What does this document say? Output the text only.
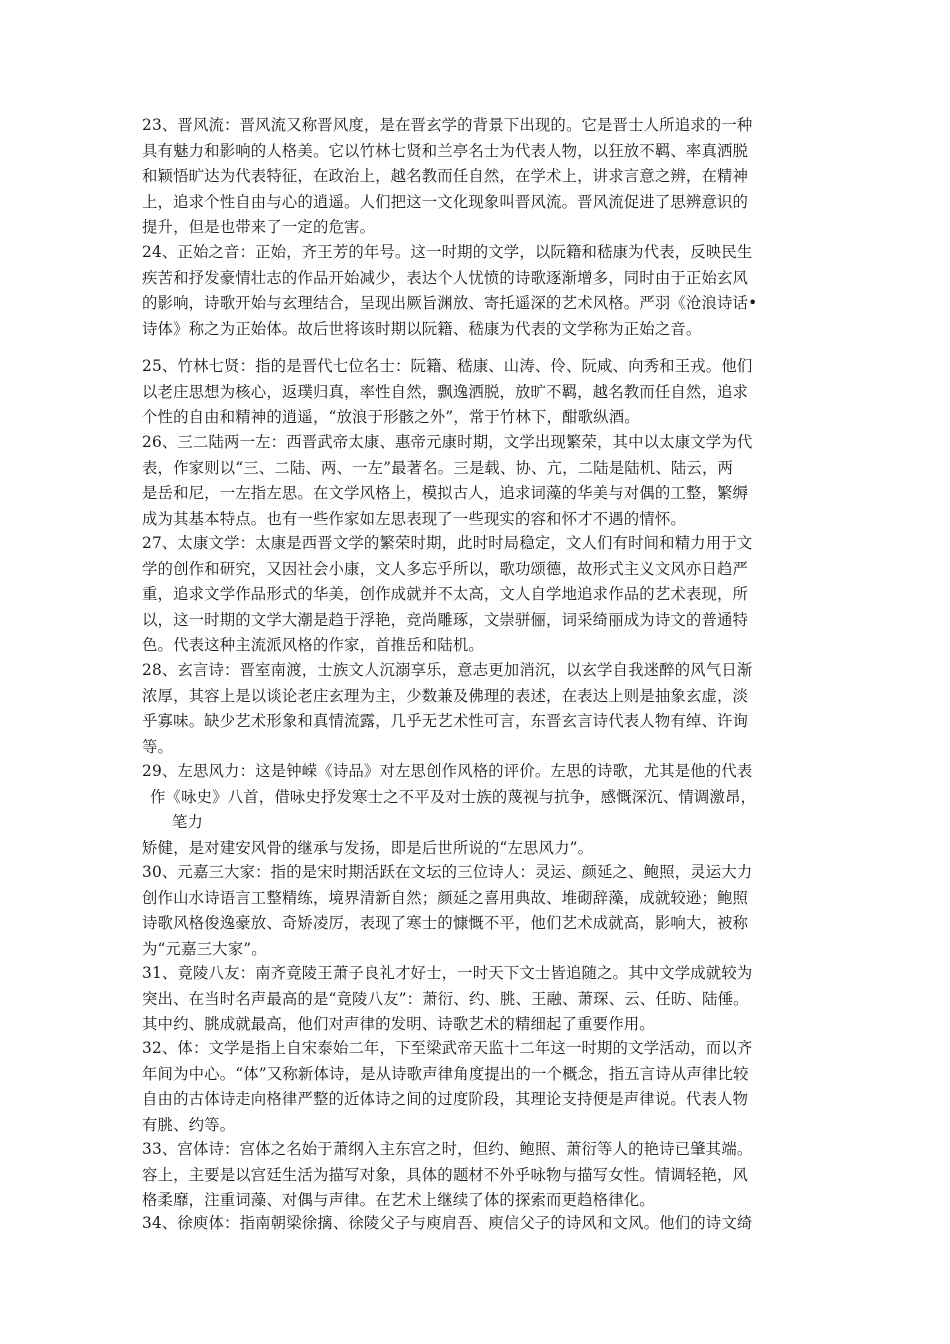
23、晋风流：晋风流又称晋风度，是在晋玄学的背景下出现的。它是晋士人所追求的一种
具有魅力和影响的人格美。它以竹林七贤和兰亭名士为代表人物，以狂放不羁、率真洒脱
和颖悟旷达为代表特征，在政治上，越名教而任自然，在学术上，讲求言意之辨，在精神
上，追求个性自由与心的逍遥。人们把这一文化现象叫晋风流。晋风流促进了思辨意识的
提升，但是也带来了一定的危害。
24、正始之音：正始，齐王芳的年号。这一时期的文学，以阮籍和嵇康为代表，反映民生
疾苦和抒发豪情壮志的作品开始减少，表达个人忧愤的诗歌逐渐增多，同时由于正始玄风
的影响，诗歌开始与玄理结合，呈现出厥旨渊放、寄托遥深的艺术风格。严羽《沧浪诗话•
诗体》称之为正始体。故后世将该时期以阮籍、嵇康为代表的文学称为正始之音。
25、竹林七贤：指的是晋代七位名士：阮籍、嵇康、山涛、伶、阮咸、向秀和王戎。他们
以老庄思想为核心，返璞归真，率性自然，飘逸洒脱，放旷不羁，越名教而任自然，追求
个性的自由和精神的逍遥，“放浪于形骸之外”，常于竹林下，酣歌纵酒。
26、三二陆两一左：西晋武帝太康、惠帝元康时期，文学出现繁荣，其中以太康文学为代
表，作家则以“三、二陆、两、一左”最著名。三是载、协、亢，二陆是陆机、陆云，两
是岳和尼，一左指左思。在文学风格上，模拟古人，追求词藻的华美与对偶的工整，繁缛
成为其基本特点。也有一些作家如左思表现了一些现实的容和怀才不遇的情怀。
27、太康文学：太康是西晋文学的繁荣时期，此时时局稳定，文人们有时间和精力用于文
学的创作和研究，又因社会小康，文人多忘乎所以，歌功颂德，故形式主义文风亦日趋严
重，追求文学作品形式的华美，创作成就并不太高，文人自学地追求作品的艺术表现，所
以，这一时期的文学大潮是趋于浮艳，竞尚雕琢，文崇骈俪，词采绮丽成为诗文的普通特
色。代表这种主流派风格的作家，首推岳和陆机。
28、玄言诗：晋室南渡，士族文人沉溺享乐，意志更加消沉，以玄学自我迷醉的风气日渐
浓厚，其容上是以谈论老庄玄理为主，少数兼及佛理的表述，在表达上则是抽象玄虚，淡
乎寡味。缺少艺术形象和真情流露，几乎无艺术性可言，东晋玄言诗代表人物有绰、许询
等。
29、左思风力：这是钟嵘《诗品》对左思创作风格的评价。左思的诗歌，尤其是他的代表
作《咏史》八首，借咏史抒发寒士之不平及对士族的蔑视与抗争，感慨深沉、情调激昂，
笔力
矫健，是对建安风骨的继承与发扬，即是后世所说的“左思风力”。
30、元嘉三大家：指的是宋时期活跃在文坛的三位诗人：灵运、颜延之、鲍照，灵运大力
创作山水诗语言工整精练，境界清新自然；颜延之喜用典故、堆砌辞藻，成就较逊；鲍照
诗歌风格俊逸豪放、奇矫凌厉，表现了寒士的慷慨不平，他们艺术成就高，影响大，被称
为“元嘉三大家”。
31、竟陵八友：南齐竟陵王萧子良礼才好士，一时天下文士皆追随之。其中文学成就较为
突出、在当时名声最高的是“竟陵八友”：萧衍、约、朓、王融、萧琛、云、任昉、陆倕。
其中约、朓成就最高，他们对声律的发明、诗歌艺术的精细起了重要作用。
32、体：文学是指上自宋泰始二年，下至梁武帝天监十二年这一时期的文学活动，而以齐
年间为中心。“体”又称新体诗，是从诗歌声律角度提出的一个概念，指五言诗从声律比较
自由的古体诗走向格律严整的近体诗之间的过度阶段，其理论支持便是声律说。代表人物
有朓、约等。
33、宫体诗：宫体之名始于萧纲入主东宫之时，但约、鲍照、萧衍等人的艳诗已肇其端。
容上，主要是以宫廷生活为描写对象，具体的题材不外乎咏物与描写女性。情调轻艳，风
格柔靡，注重词藻、对偶与声律。在艺术上继续了体的探索而更趋格律化。
34、徐庾体：指南朝梁徐摛、徐陵父子与庾肩吾、庾信父子的诗风和文风。他们的诗文绮
